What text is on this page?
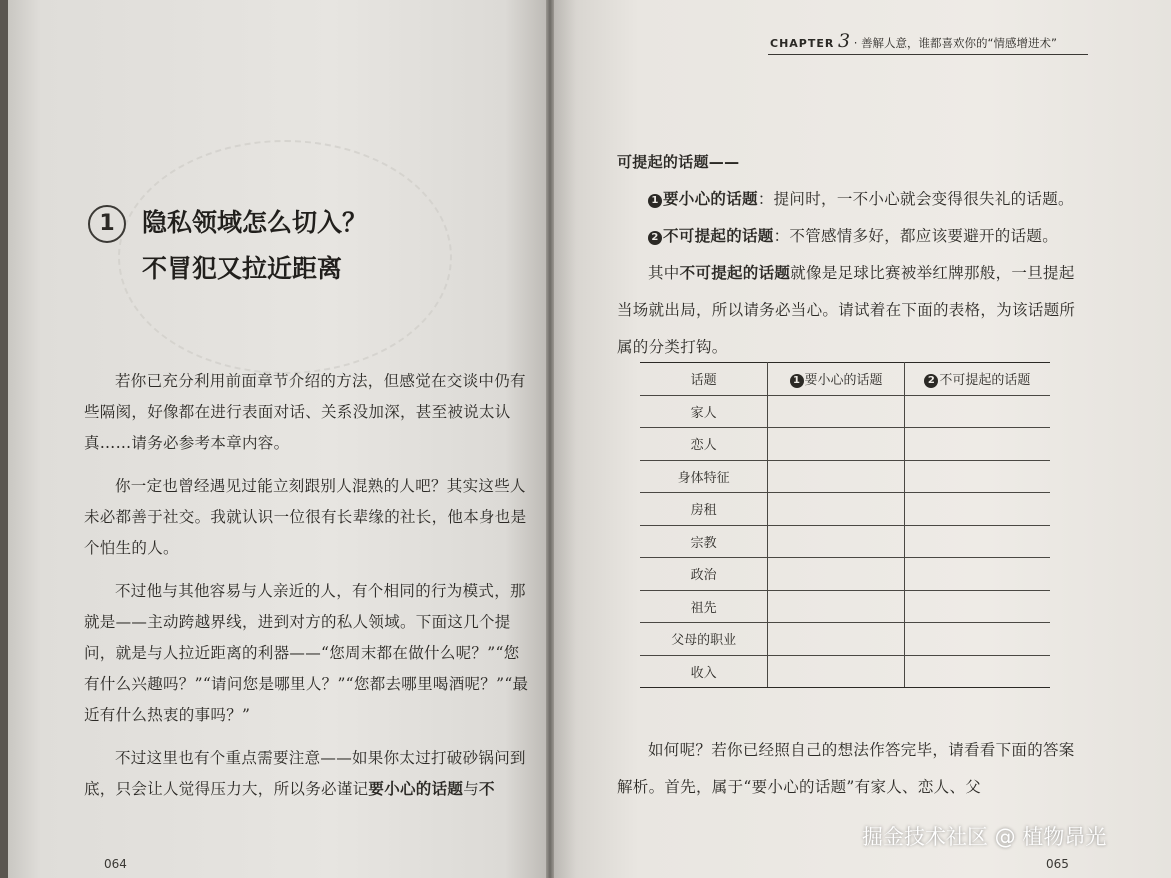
1	隐私领域怎么切入？
不冒犯又拉近距离

若你已充分利用前面章节介绍的方法，但感觉在交谈中仍有些隔阂，好像都在进行表面对话、关系没加深，甚至被说太认真……请务必参考本章内容。

你一定也曾经遇见过能立刻跟别人混熟的人吧？其实这些人未必都善于社交。我就认识一位很有长辈缘的社长，他本身也是个怕生的人。

不过他与其他容易与人亲近的人，有个相同的行为模式，那就是——主动跨越界线，进到对方的私人领域。下面这几个提问，就是与人拉近距离的利器——“您周末都在做什么呢？”“您有什么兴趣吗？”“请问您是哪里人？”“您都去哪里喝酒呢？”“最近有什么热衷的事吗？”

不过这里也有个重点需要注意——如果你太过打破砂锅问到底，只会让人觉得压力大，所以务必谨记要小心的话题与不

064
CHAPTER 3 · 善解人意，谁都喜欢你的“情感增进术”

可提起的话题——

1 要小心的话题：提问时，一不小心就会变得很失礼的话题。

2 不可提起的话题：不管感情多好，都应该要避开的话题。

其中不可提起的话题就像是足球比赛被举红牌那般，一旦提起当场就出局，所以请务必当心。请试着在下面的表格，为该话题所属的分类打钩。

话题	1 要小心的话题	2 不可提起的话题
家人		
恋人		
身体特征		
房租		
宗教		
政治		
祖先		
父母的职业		
收入		

如何呢？若你已经照自己的想法作答完毕，请看看下面的答案解析。首先，属于“要小心的话题”有家人、恋人、父

065
掘金技术社区 @ 植物昂光
